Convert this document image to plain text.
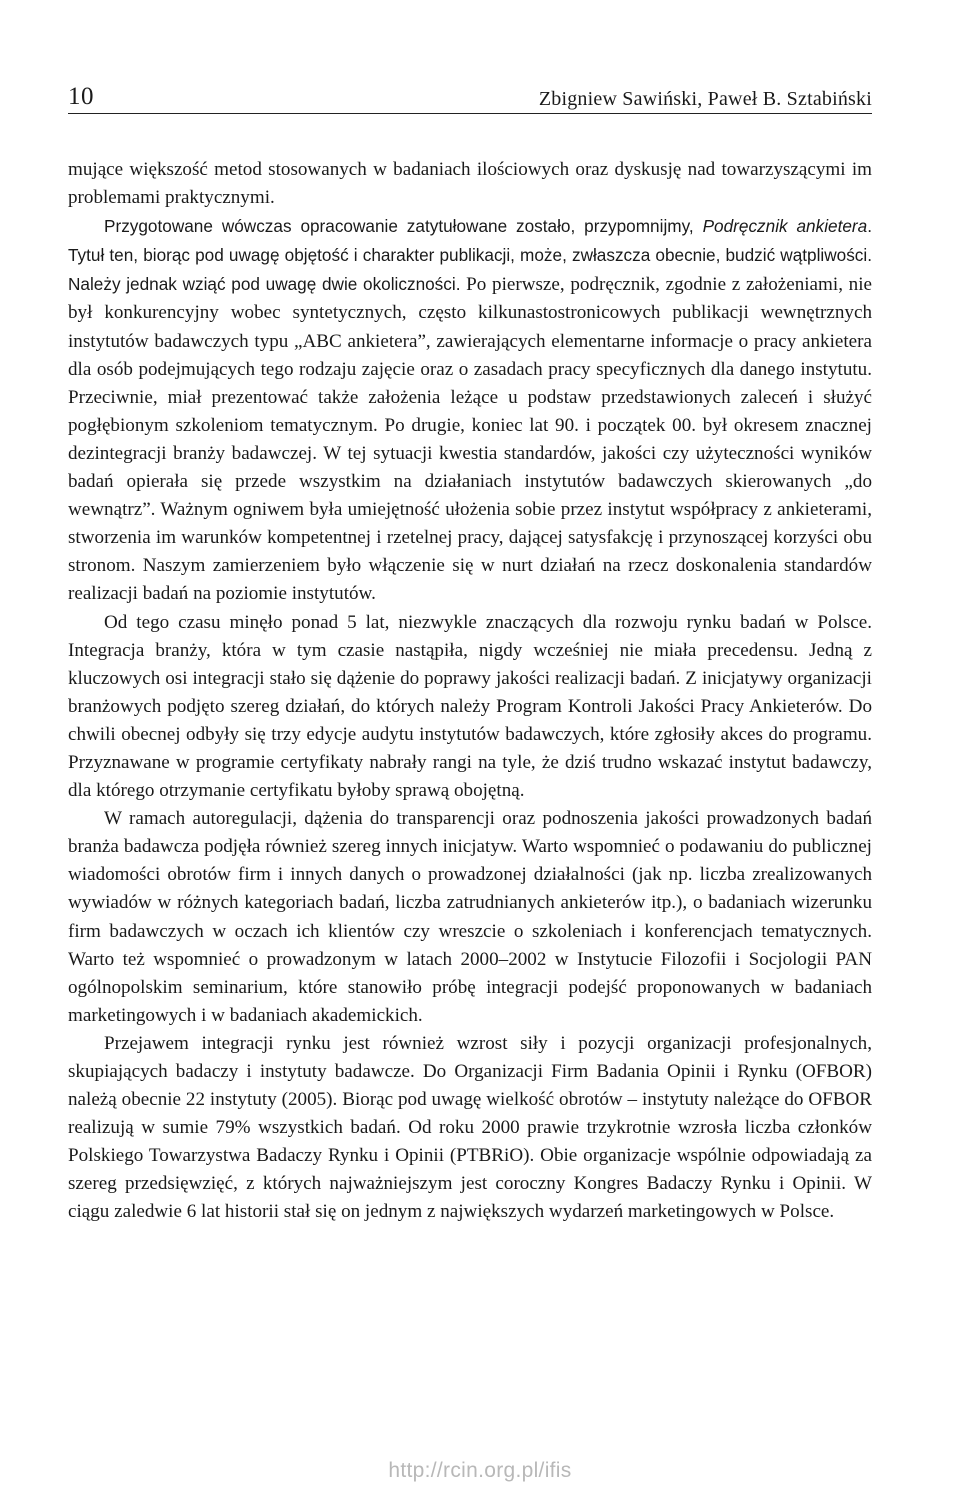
10	Zbigniew Sawiński, Paweł B. Sztabiński

mujące większość metod stosowanych w badaniach ilościowych oraz dyskusję nad towarzyszącymi im problemami praktycznymi.

Przygotowane wówczas opracowanie zatytułowane zostało, przypomnijmy, Podręcznik ankietera. Tytuł ten, biorąc pod uwagę objętość i charakter publikacji, może, zwłaszcza obecnie, budzić wątpliwości. Należy jednak wziąć pod uwagę dwie okoliczności. Po pierwsze, podręcznik, zgodnie z założeniami, nie był konkurencyjny wobec syntetycznych, często kilkunastostronicowych publikacji wewnętrznych instytutów badawczych typu „ABC ankietera”, zawierających elementarne informacje o pracy ankietera dla osób podejmujących tego rodzaju zajęcie oraz o zasadach pracy specyficznych dla danego instytutu. Przeciwnie, miał prezentować także założenia leżące u podstaw przedstawionych zaleceń i służyć pogłębionym szkoleniom tematycznym. Po drugie, koniec lat 90. i początek 00. był okresem znacznej dezintegracji branży badawczej. W tej sytuacji kwestia standardów, jakości czy użyteczności wyników badań opierała się przede wszystkim na działaniach instytutów badawczych skierowanych „do wewnątrz”. Ważnym ogniwem była umiejętność ułożenia sobie przez instytut współpracy z ankieterami, stworzenia im warunków kompetentnej i rzetelnej pracy, dającej satysfakcję i przynoszącej korzyści obu stronom. Naszym zamierzeniem było włączenie się w nurt działań na rzecz doskonalenia standardów realizacji badań na poziomie instytutów.

Od tego czasu minęło ponad 5 lat, niezwykle znaczących dla rozwoju rynku badań w Polsce. Integracja branży, która w tym czasie nastąpiła, nigdy wcześniej nie miała precedensu. Jedną z kluczowych osi integracji stało się dążenie do poprawy jakości realizacji badań. Z inicjatywy organizacji branżowych podjęto szereg działań, do których należy Program Kontroli Jakości Pracy Ankieterów. Do chwili obecnej odbyły się trzy edycje audytu instytutów badawczych, które zgłosiły akces do programu. Przyznawane w programie certyfikaty nabrały rangi na tyle, że dziś trudno wskazać instytut badawczy, dla którego otrzymanie certyfikatu byłoby sprawą obojętną.

W ramach autoregulacji, dążenia do transparencji oraz podnoszenia jakości prowadzonych badań branża badawcza podjęła również szereg innych inicjatyw. Warto wspomnieć o podawaniu do publicznej wiadomości obrotów firm i innych danych o prowadzonej działalności (jak np. liczba zrealizowanych wywiadów w różnych kategoriach badań, liczba zatrudnianych ankieterów itp.), o badaniach wizerunku firm badawczych w oczach ich klientów czy wreszcie o szkoleniach i konferencjach tematycznych. Warto też wspomnieć o prowadzonym w latach 2000–2002 w Instytucie Filozofii i Socjologii PAN ogólnopolskim seminarium, które stanowiło próbę integracji podejść proponowanych w badaniach marketingowych i w badaniach akademickich.

Przejawem integracji rynku jest również wzrost siły i pozycji organizacji profesjonalnych, skupiających badaczy i instytuty badawcze. Do Organizacji Firm Badania Opinii i Rynku (OFBOR) należą obecnie 22 instytuty (2005). Biorąc pod uwagę wielkość obrotów – instytuty należące do OFBOR realizują w sumie 79% wszystkich badań. Od roku 2000 prawie trzykrotnie wzrosła liczba członków Polskiego Towarzystwa Badaczy Rynku i Opinii (PTBRiO). Obie organizacje wspólnie odpowiadają za szereg przedsięwzięć, z których najważniejszym jest coroczny Kongres Badaczy Rynku i Opinii. W ciągu zaledwie 6 lat historii stał się on jednym z największych wydarzeń marketingowych w Polsce.

http://rcin.org.pl/ifis
